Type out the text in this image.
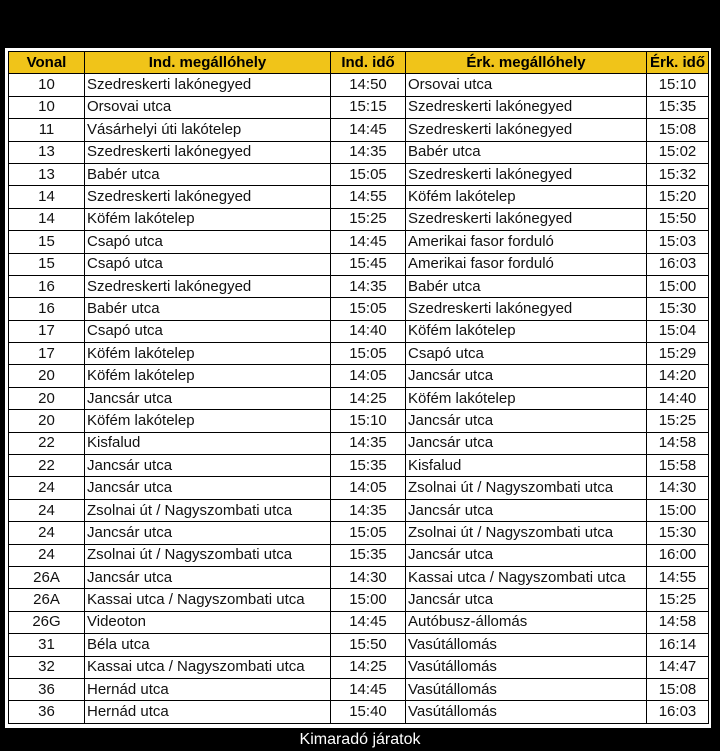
Vonal	Ind. megállóhely	Ind. idő	Érk. megállóhely	Érk. idő
10	Szedreskerti lakónegyed	14:50	Orsovai utca	15:10
10	Orsovai utca	15:15	Szedreskerti lakónegyed	15:35
11	Vásárhelyi úti lakótelep	14:45	Szedreskerti lakónegyed	15:08
13	Szedreskerti lakónegyed	14:35	Babér utca	15:02
13	Babér utca	15:05	Szedreskerti lakónegyed	15:32
14	Szedreskerti lakónegyed	14:55	Köfém lakótelep	15:20
14	Köfém lakótelep	15:25	Szedreskerti lakónegyed	15:50
15	Csapó utca	14:45	Amerikai fasor forduló	15:03
15	Csapó utca	15:45	Amerikai fasor forduló	16:03
16	Szedreskerti lakónegyed	14:35	Babér utca	15:00
16	Babér utca	15:05	Szedreskerti lakónegyed	15:30
17	Csapó utca	14:40	Köfém lakótelep	15:04
17	Köfém lakótelep	15:05	Csapó utca	15:29
20	Köfém lakótelep	14:05	Jancsár utca	14:20
20	Jancsár utca	14:25	Köfém lakótelep	14:40
20	Köfém lakótelep	15:10	Jancsár utca	15:25
22	Kisfalud	14:35	Jancsár utca	14:58
22	Jancsár utca	15:35	Kisfalud	15:58
24	Jancsár utca	14:05	Zsolnai út / Nagyszombati utca	14:30
24	Zsolnai út / Nagyszombati utca	14:35	Jancsár utca	15:00
24	Jancsár utca	15:05	Zsolnai út / Nagyszombati utca	15:30
24	Zsolnai út / Nagyszombati utca	15:35	Jancsár utca	16:00
26A	Jancsár utca	14:30	Kassai utca / Nagyszombati utca	14:55
26A	Kassai utca / Nagyszombati utca	15:00	Jancsár utca	15:25
26G	Videoton	14:45	Autóbusz-állomás	14:58
31	Béla utca	15:50	Vasútállomás	16:14
32	Kassai utca / Nagyszombati utca	14:25	Vasútállomás	14:47
36	Hernád utca	14:45	Vasútállomás	15:08
36	Hernád utca	15:40	Vasútállomás	16:03
Kimaradó járatok
